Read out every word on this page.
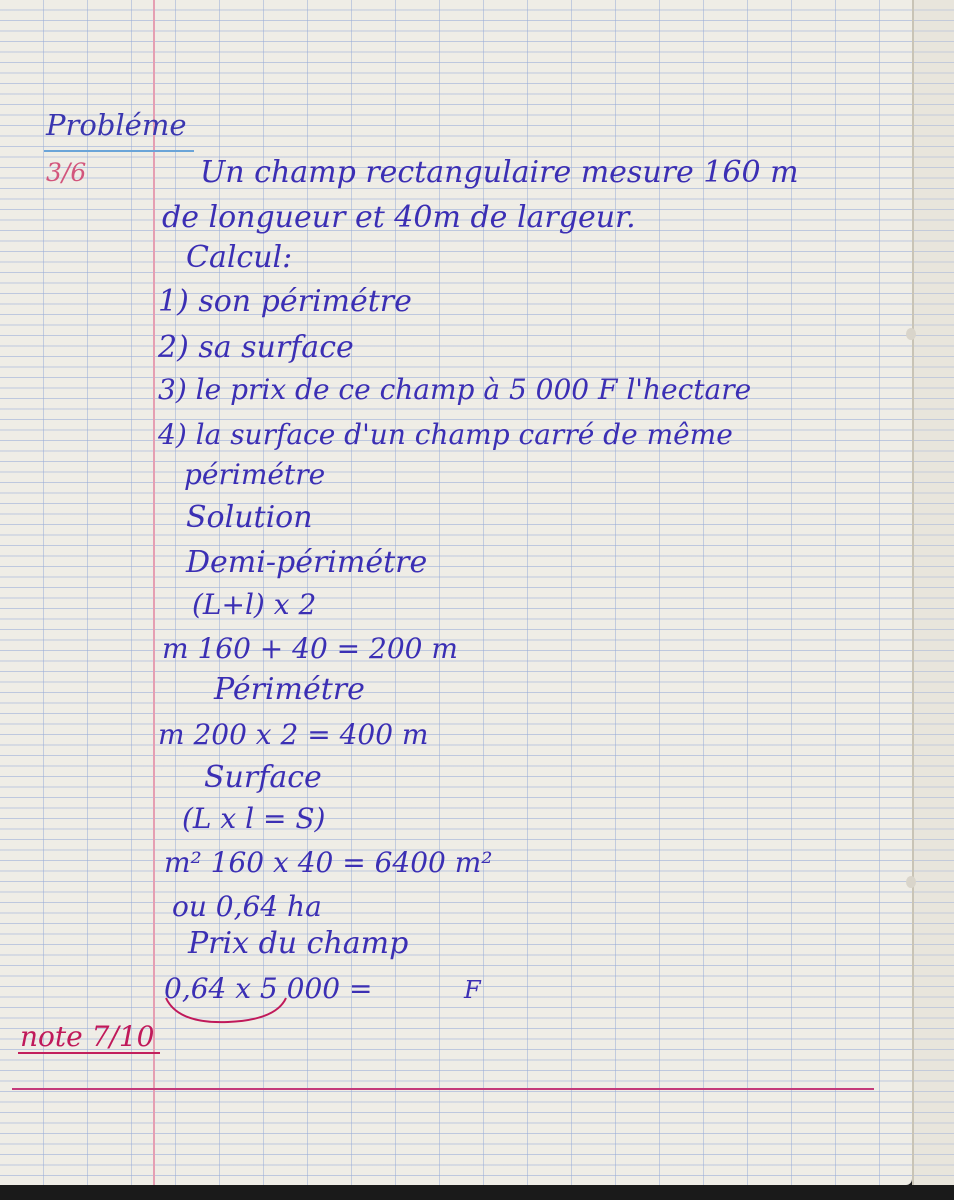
Probléme

3/6	Un champ rectangulaire mesure 160 m

de longueur et 40m de largeur.

Calcul:

1) son périmétre

2) sa surface

3) le prix de ce champ à 5 000 F l'hectare

4) la surface d'un champ carré de même

périmétre

Solution

Demi-périmétre

(L+l) x 2

m 160 + 40 = 200 m

Périmétre

m 200 x 2 = 400 m

Surface

(L x l = S)

m² 160 x 40 = 6400 m²

ou 0,64 ha

Prix du champ

0,64 x 5 000 =	F

note 7/10
